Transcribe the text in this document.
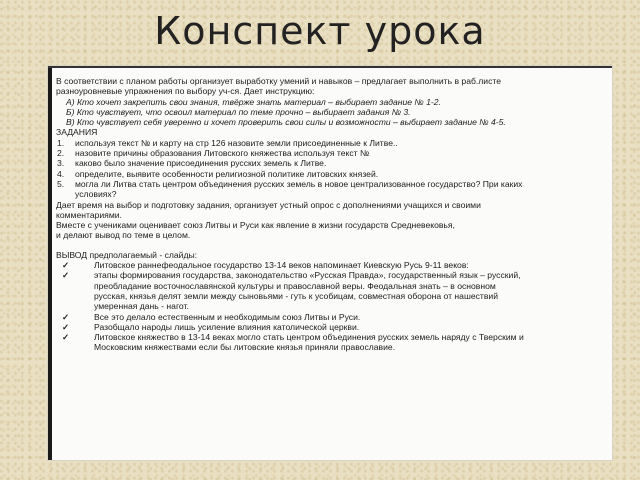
Конспект урока
В соответствии с планом работы организует выработку умений и навыков – предлагает выполнить в раб.листе
разноуровневые упражнения по выбору уч-ся. Дает инструкцию:
А) Кто хочет закрепить свои знания, твёрже знать материал – выбирает задание № 1-2.
Б) Кто чувствует, что освоил материал по теме прочно – выбирает задания № 3.
В) Кто чувствует себя уверенно и хочет проверить свои силы и возможности – выбирает задание № 4-5.
ЗАДАНИЯ
1. используя текст № и карту на стр 126 назовите земли присоединенные к Литве..
2. назовите причины образования Литовского княжества используя текст №
3. каково было значение присоединения русских земель к Литве.
4. определите, выявите особенности религиозной политике литовских князей.
5. могла ли Литва стать центром объединения русских земель в новое централизованное государство? При каких
условиях?
Дает время на выбор и подготовку задания, организует устный опрос с дополнениями учащихся и своими
комментариями.
Вместе с учениками оценивает союз Литвы и Руси как явление в жизни государств Средневековья,
и делают вывод по теме в целом.
ВЫВОД предполагаемый - слайды:
✓	Литовское раннефеодальное государство 13-14 веков напоминает Киевскую Русь 9-11 веков:
✓	этапы формирования государства, законодательство «Русская Правда», государственный язык – русский,
преобладание восточнославянской культуры и православной веры. Феодальная знать – в основном
русская, князья делят земли между сыновьями - гуть к усобицам, совместная оборона от нашествий
умеренная дань - нагот.
✓	Все это делало естественным и необходимым союз Литвы и Руси.
✓	Разобщало народы лишь усиление влияния католической церкви.
✓	Литовское княжество в 13-14 веках могло стать центром объединения русских земель наряду с Тверским и
Московским княжествами если бы литовские князья приняли православие.
